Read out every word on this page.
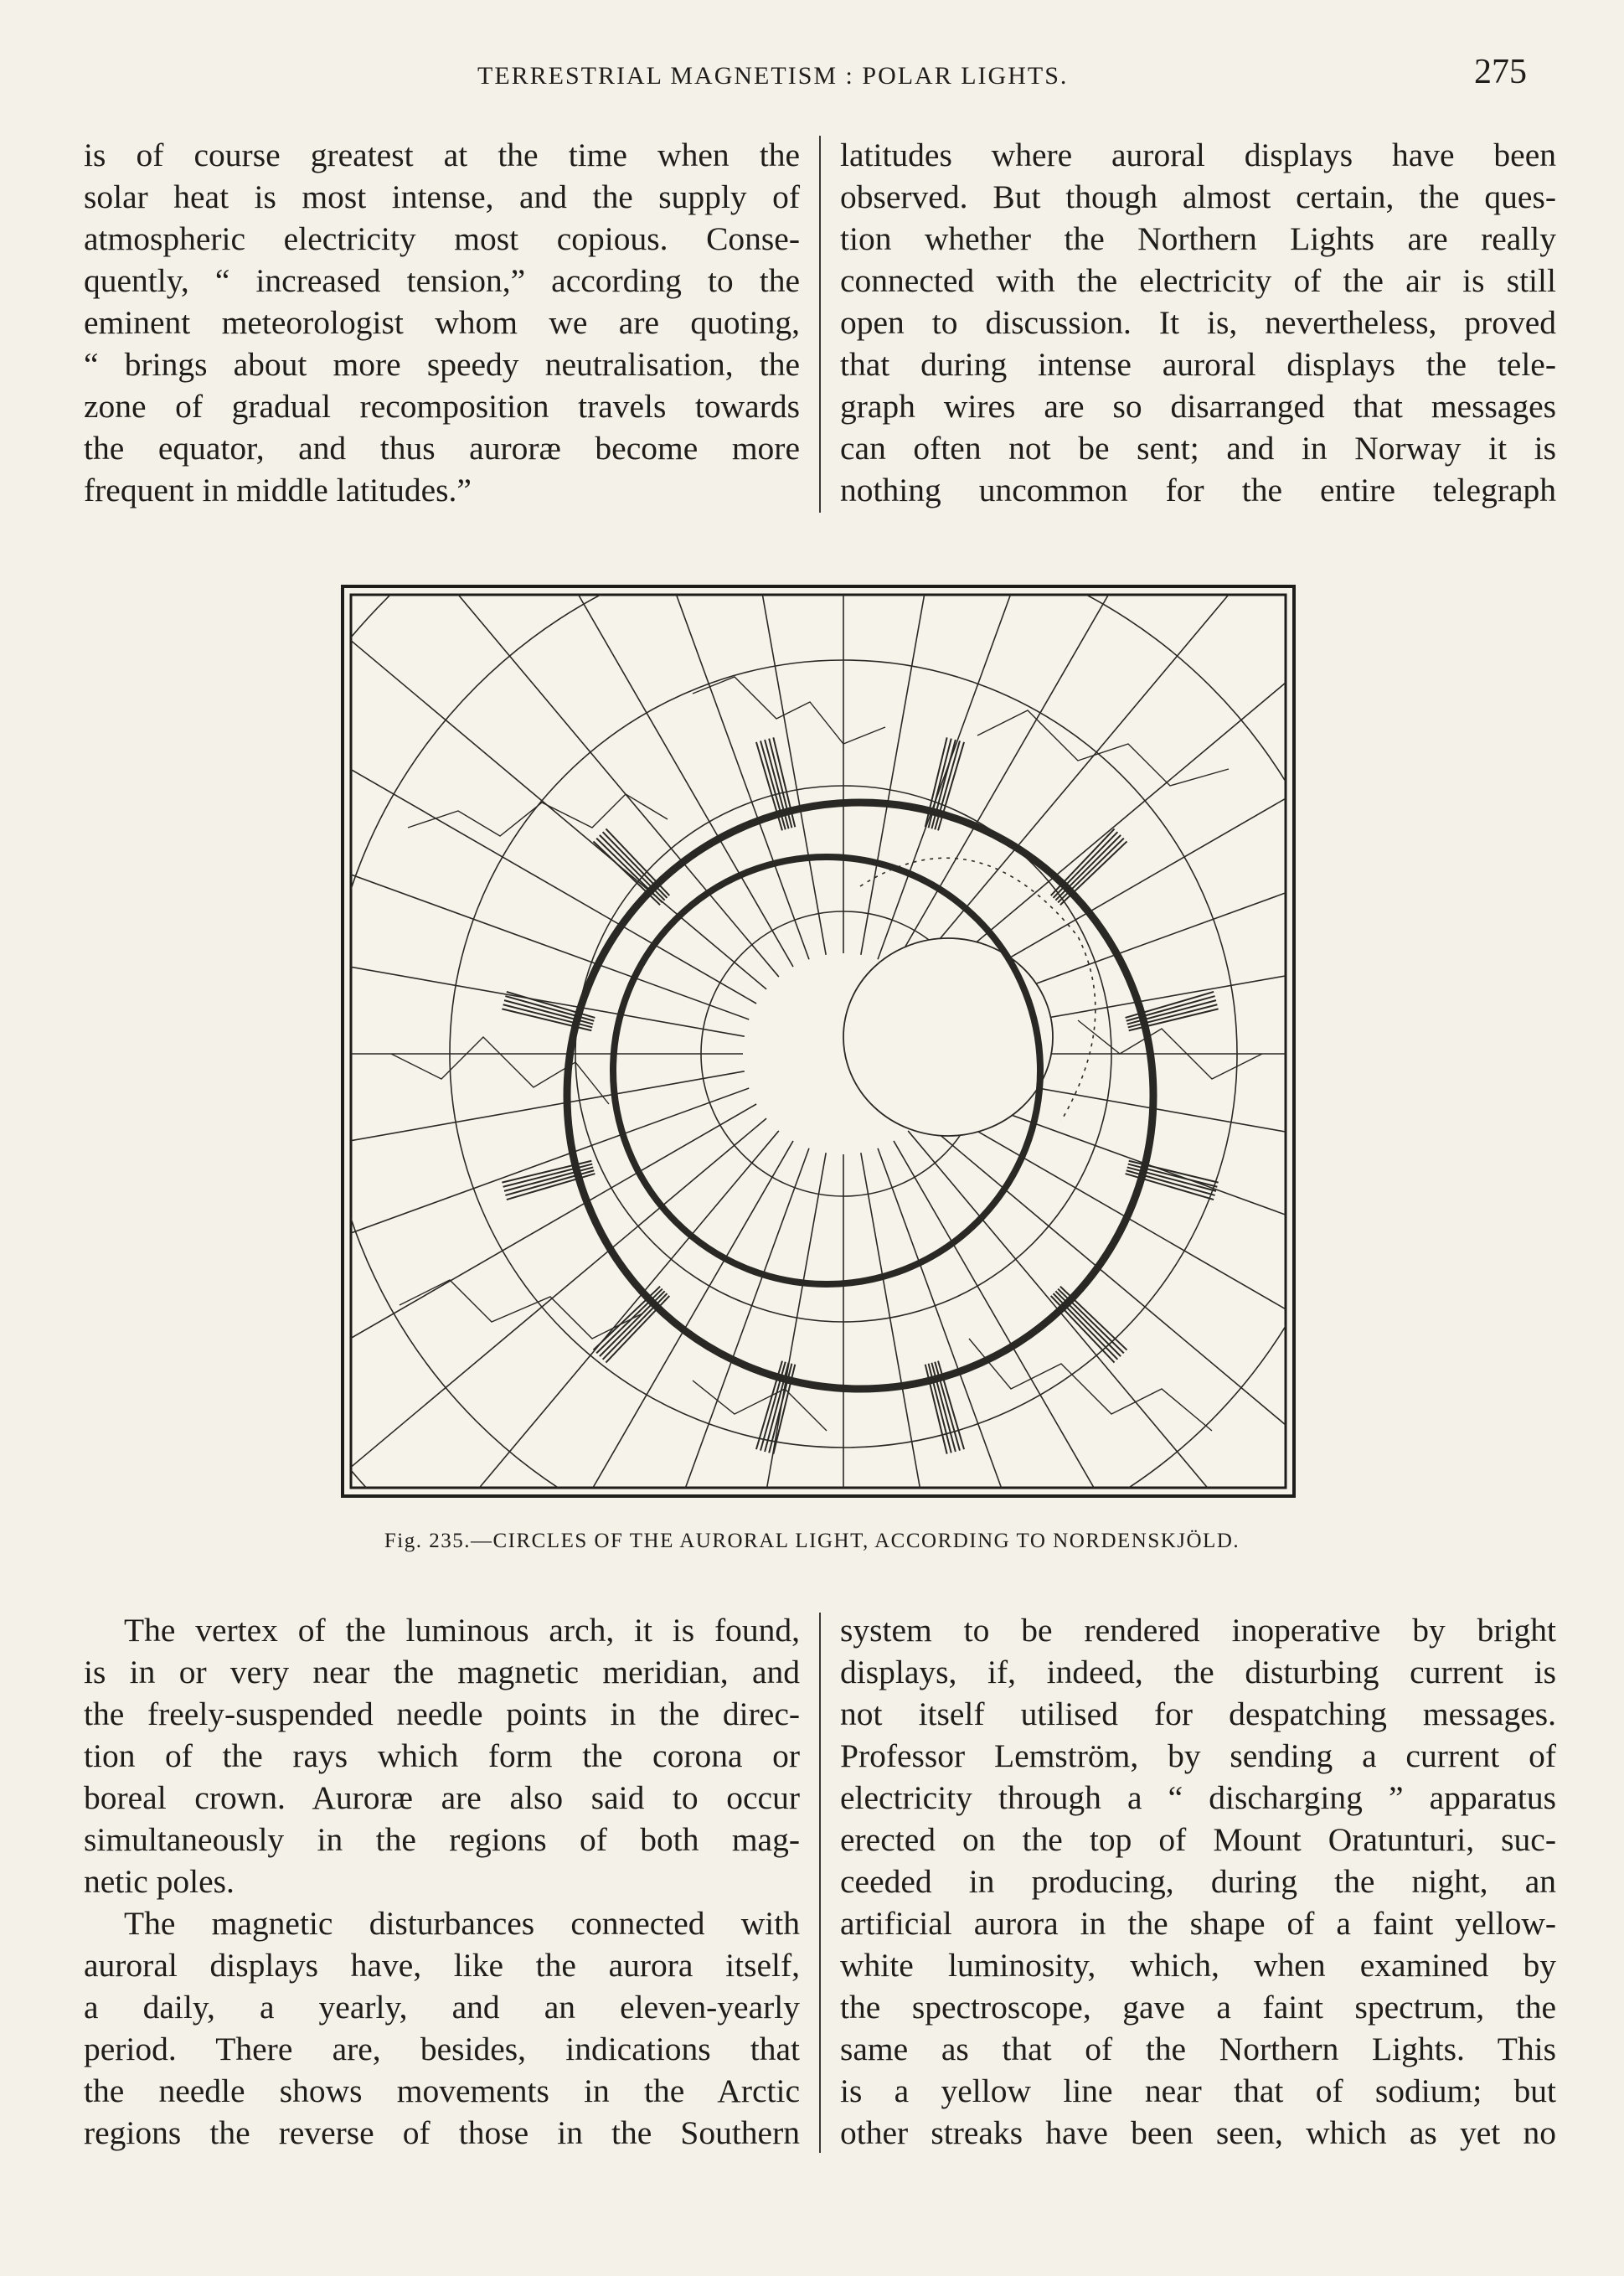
TERRESTRIAL MAGNETISM : POLAR LIGHTS.	275

is of course greatest at the time when the

solar heat is most intense, and the supply of

atmospheric electricity most copious. Conse-

quently, “ increased tension,” according to the

eminent meteorologist whom we are quoting,

“ brings about more speedy neutralisation, the

zone of gradual recomposition travels towards

the equator, and thus auroræ become more

frequent in middle latitudes.”

latitudes where auroral displays have been

observed. But though almost certain, the ques-

tion whether the Northern Lights are really

connected with the electricity of the air is still

open to discussion. It is, nevertheless, proved

that during intense auroral displays the tele-

graph wires are so disarranged that messages

can often not be sent; and in Norway it is

nothing uncommon for the entire telegraph

Fig. 235.—CIRCLES OF THE AURORAL LIGHT, ACCORDING TO NORDENSKJÖLD.

The vertex of the luminous arch, it is found,

is in or very near the magnetic meridian, and

the freely-suspended needle points in the direc-

tion of the rays which form the corona or

boreal crown. Auroræ are also said to occur

simultaneously in the regions of both mag-

netic poles.

The magnetic disturbances connected with

auroral displays have, like the aurora itself,

a daily, a yearly, and an eleven-yearly

period. There are, besides, indications that

the needle shows movements in the Arctic

regions the reverse of those in the Southern

system to be rendered inoperative by bright

displays, if, indeed, the disturbing current is

not itself utilised for despatching messages.

Professor Lemström, by sending a current of

electricity through a “ discharging ” apparatus

erected on the top of Mount Oratunturi, suc-

ceeded in producing, during the night, an

artificial aurora in the shape of a faint yellow-

white luminosity, which, when examined by

the spectroscope, gave a faint spectrum, the

same as that of the Northern Lights. This

is a yellow line near that of sodium; but

other streaks have been seen, which as yet no
